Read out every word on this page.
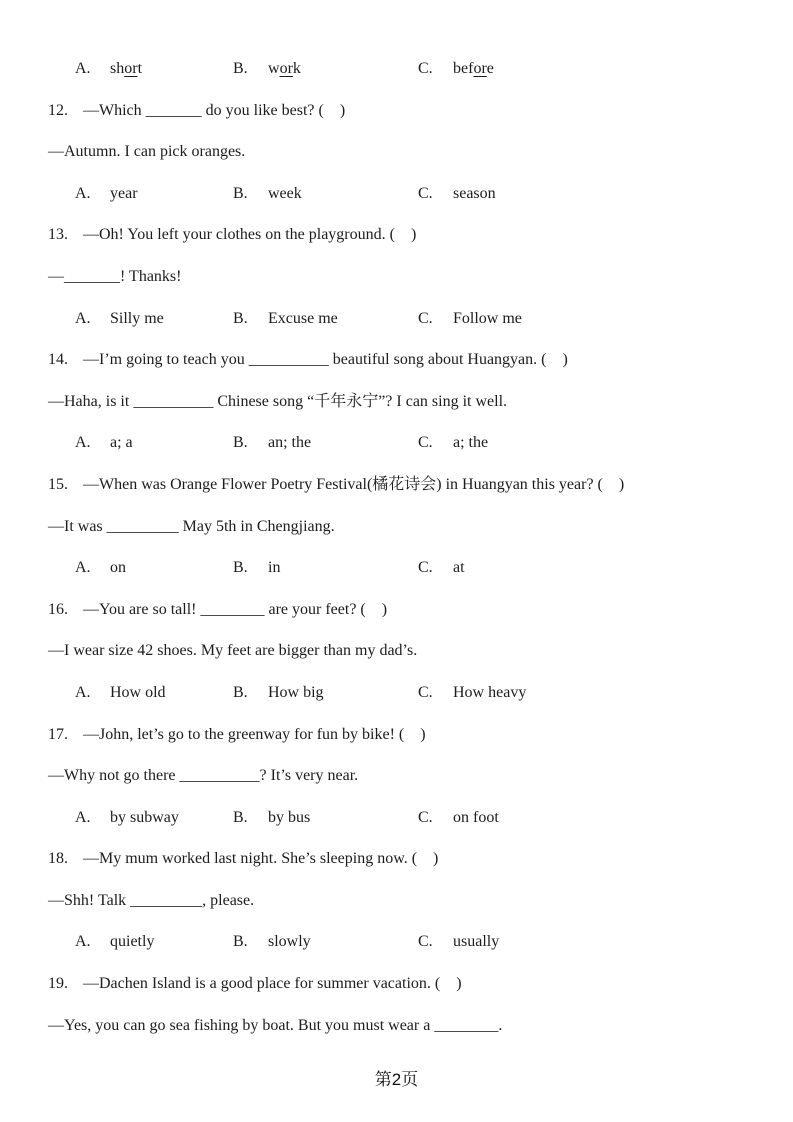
A. short

	B. work

	C. before

12. —Which _______ do you like best? (　)
—Autumn. I can pick oranges.

A. year

	B. week

	C. season

13. —Oh! You left your clothes on the playground. (　)
—_______! Thanks!

A. Silly me

	B. Excuse me

	C. Follow me

14. —I’m going to teach you __________ beautiful song about Huangyan. (　)
—Haha, is it __________ Chinese song “千年永宁”? I can sing it well.

A. a; a

	B. an; the

	C. a; the

15. —When was Orange Flower Poetry Festival(橘花诗会) in Huangyan this year? (　)
—It was _________ May 5th in Chengjiang.

A. on

	B. in

	C. at

16. —You are so tall! ________ are your feet? (　)
—I wear size 42 shoes. My feet are bigger than my dad’s.

A. How old

	B. How big

	C. How heavy

17. —John, let’s go to the greenway for fun by bike! (　)
—Why not go there __________? It’s very near.

A. by subway

	B. by bus

	C. on foot

18. —My mum worked last night. She’s sleeping now. (　)
—Shh! Talk _________, please.

A. quietly

	B. slowly

	C. usually

19. —Dachen Island is a good place for summer vacation. (　)
—Yes, you can go sea fishing by boat. But you must wear a ________.
第2页
